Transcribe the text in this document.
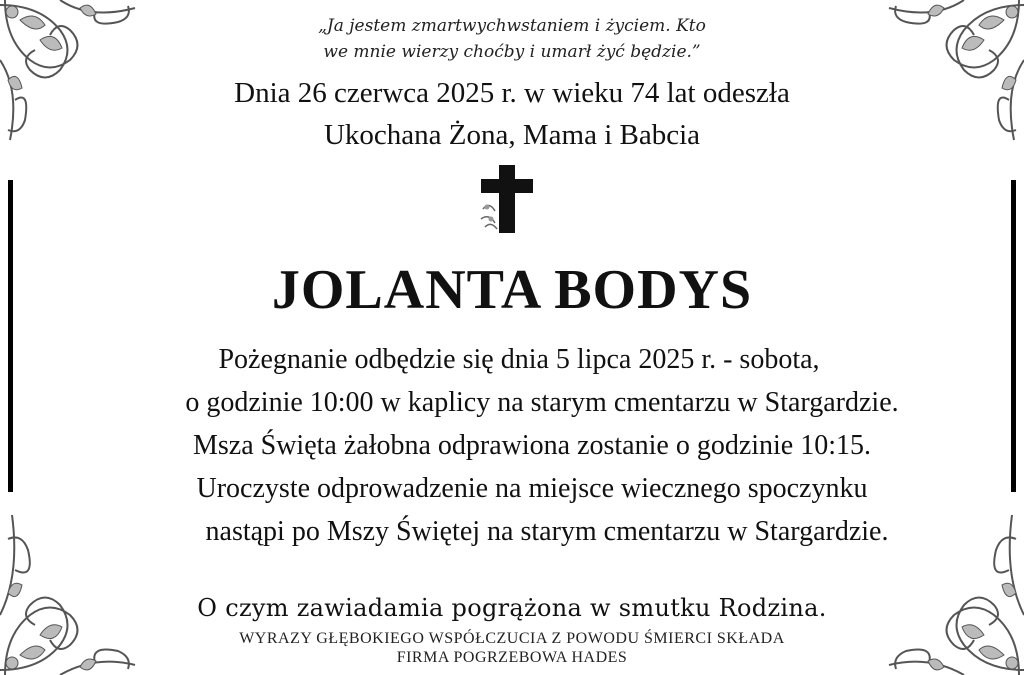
„Ja jestem zmartwychwstaniem i życiem. Kto
we mnie wierzy choćby i umarł żyć będzie.”
Dnia 26 czerwca 2025 r. w wieku 74 lat odeszła
Ukochana Żona, Mama i Babcia
JOLANTA BODYS
Pożegnanie odbędzie się dnia 5 lipca 2025 r. - sobota,
o godzinie 10:00 w kaplicy na starym cmentarzu w Stargardzie.
Msza Święta żałobna odprawiona zostanie o godzinie 10:15.
Uroczyste odprowadzenie na miejsce wiecznego spoczynku
nastąpi po Mszy Świętej na starym cmentarzu w Stargardzie.
O czym zawiadamia pogrążona w smutku Rodzina.
WYRAZY GŁĘBOKIEGO WSPÓŁCZUCIA Z POWODU ŚMIERCI SKŁADA
FIRMA POGRZEBOWA HADES
